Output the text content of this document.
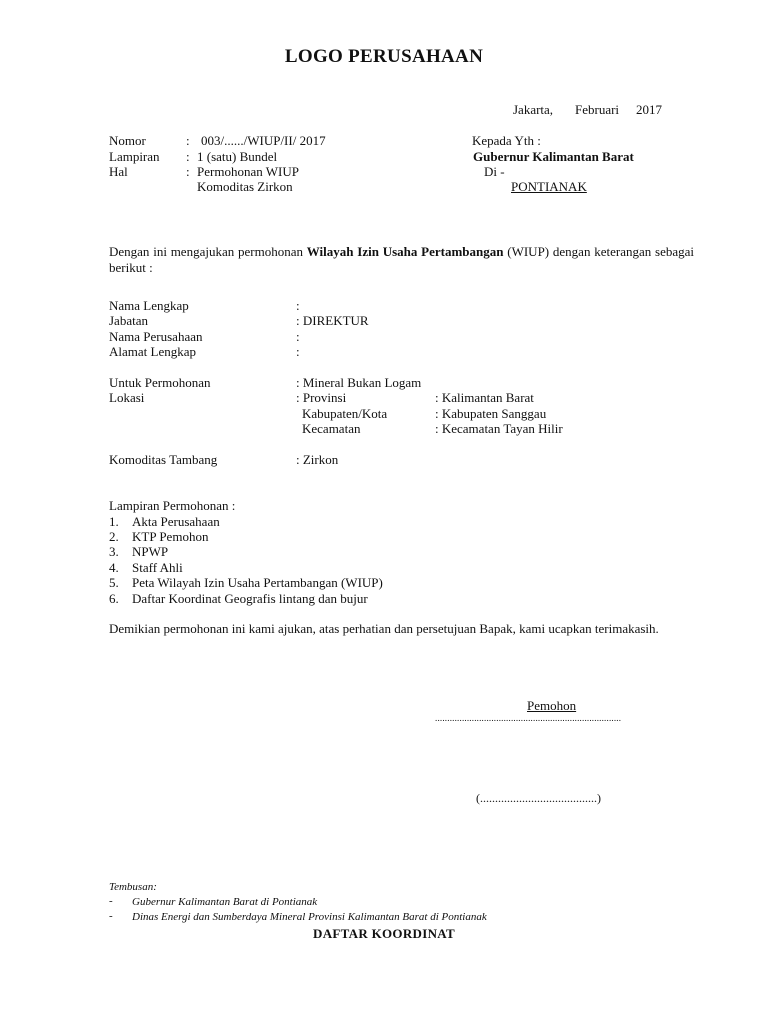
LOGO PERUSAHAAN
Jakarta, Februari 2017
Nomor	: 003/....../WIUP/II/ 2017
Lampiran : 1 (satu) Bundel
Hal	: Permohonan WIUP
Komoditas Zirkon
Kepada Yth :
Gubernur Kalimantan Barat
Di -
PONTIANAK
Dengan ini mengajukan permohonan Wilayah Izin Usaha Pertambangan (WIUP) dengan keterangan sebagai berikut :
Nama Lengkap	:
Jabatan	: DIREKTUR
Nama Perusahaan	:
Alamat Lengkap	:
Untuk Permohonan	: Mineral Bukan Logam
Lokasi	: Provinsi	: Kalimantan Barat
Kabupaten/Kota	: Kabupaten Sanggau
Kecamatan	: Kecamatan Tayan Hilir
Komoditas Tambang	: Zirkon
Lampiran Permohonan :
1. Akta Perusahaan
2. KTP Pemohon
3. NPWP
4. Staff Ahli
5. Peta Wilayah Izin Usaha Pertambangan (WIUP)
6. Daftar Koordinat Geografis lintang dan bujur
Demikian permohonan ini kami ajukan, atas perhatian dan persetujuan Bapak, kami ucapkan terimakasih.
Pemohon
............................................................................
(.......................................)
Tembusan:
- Gubernur Kalimantan Barat di Pontianak
- Dinas Energi dan Sumberdaya Mineral Provinsi Kalimantan Barat di Pontianak
DAFTAR KOORDINAT
